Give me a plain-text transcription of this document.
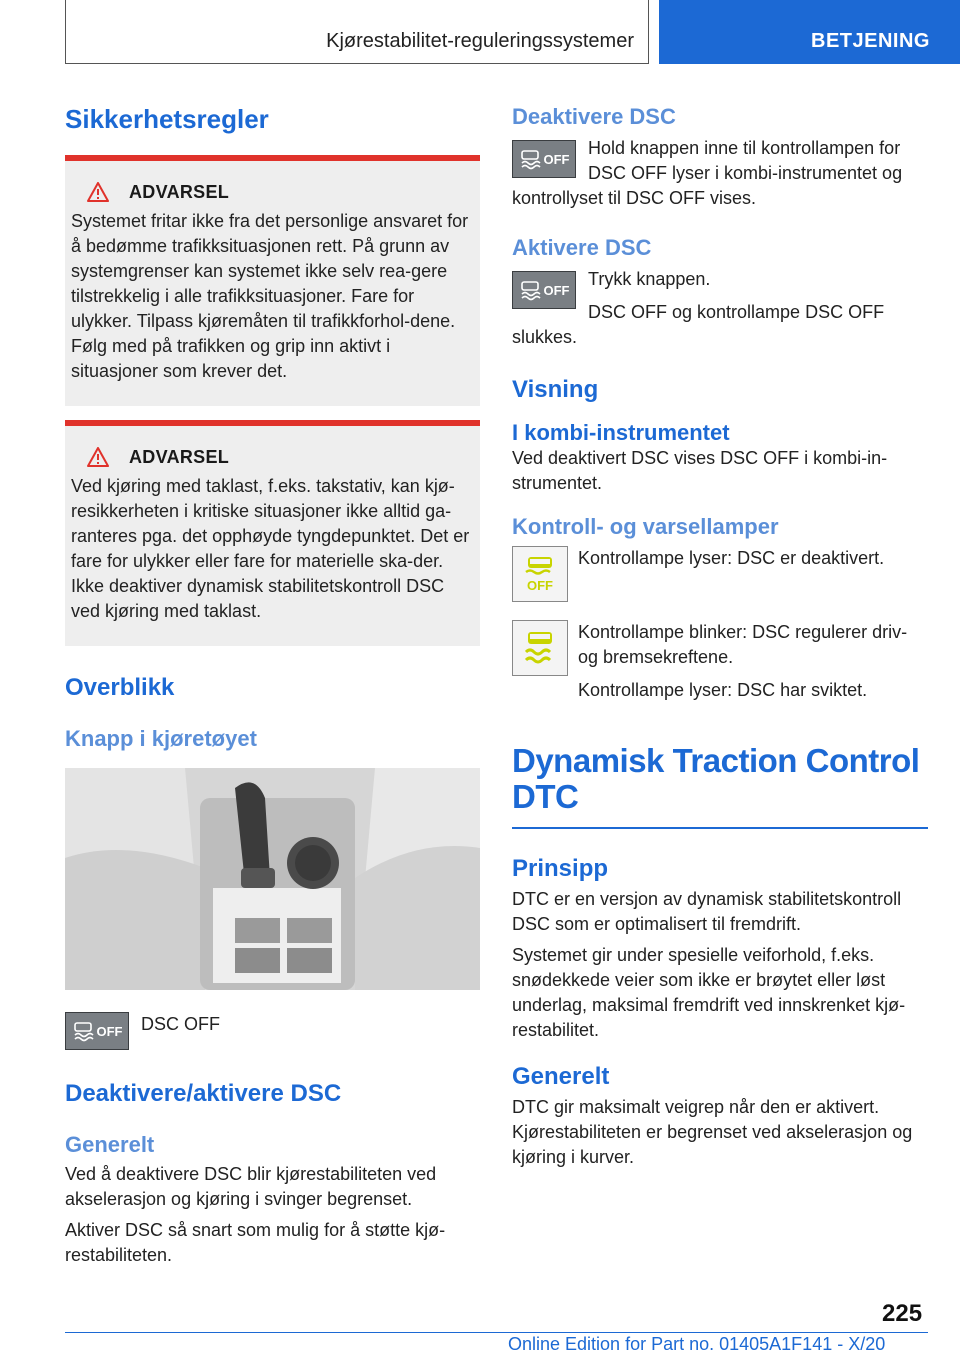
Kjørestabilitet-reguleringssystemer	BETJENING
Sikkerhetsregler
ADVARSEL
Systemet fritar ikke fra det personlige ansvaret for å bedømme trafikksituasjonen rett. På grunn av systemgrenser kan systemet ikke selv rea-gere tilstrekkelig i alle trafikksituasjoner. Fare for ulykker. Tilpass kjøremåten til trafikkforhol-dene. Følg med på trafikken og grip inn aktivt i situasjoner som krever det.
ADVARSEL
Ved kjøring med taklast, f.eks. takstativ, kan kjø-resikkerheten i kritiske situasjoner ikke alltid ga-ranteres pga. det opphøyde tyngdepunktet. Det er fare for ulykker eller fare for materielle ska-der. Ikke deaktiver dynamisk stabilitetskontroll DSC ved kjøring med taklast.
Overblikk
Knapp i kjøretøyet
OFF DSC OFF
Deaktivere/aktivere DSC
Generelt
Ved å deaktivere DSC blir kjørestabiliteten ved akselerasjon og kjøring i svinger begrenset.
Aktiver DSC så snart som mulig for å støtte kjø-restabiliteten.
Deaktivere DSC
OFF
Hold knappen inne til kontrollampen for DSC OFF lyser i kombi-instrumentet og kontrollyset til DSC OFF vises.
Aktivere DSC
OFF
Trykk knappen.
DSC OFF og kontrollampe DSC OFF slukkes.
Visning
I kombi-instrumentet
Ved deaktivert DSC vises DSC OFF i kombi-in-strumentet.
Kontroll- og varsellamper
OFF
Kontrollampe lyser: DSC er deaktivert.
Kontrollampe blinker: DSC regulerer driv- og bremsekreftene.
Kontrollampe lyser: DSC har sviktet.
Dynamisk Traction Control DTC
Prinsipp
DTC er en versjon av dynamisk stabilitetskontroll DSC som er optimalisert til fremdrift.
Systemet gir under spesielle veiforhold, f.eks. snødekkede veier som ikke er brøytet eller løst underlag, maksimal fremdrift ved innskrenket kjø-restabilitet.
Generelt
DTC gir maksimalt veigrep når den er aktivert. Kjørestabiliteten er begrenset ved akselerasjon og kjøring i kurver.
225
Online Edition for Part no. 01405A1F141 - X/20
